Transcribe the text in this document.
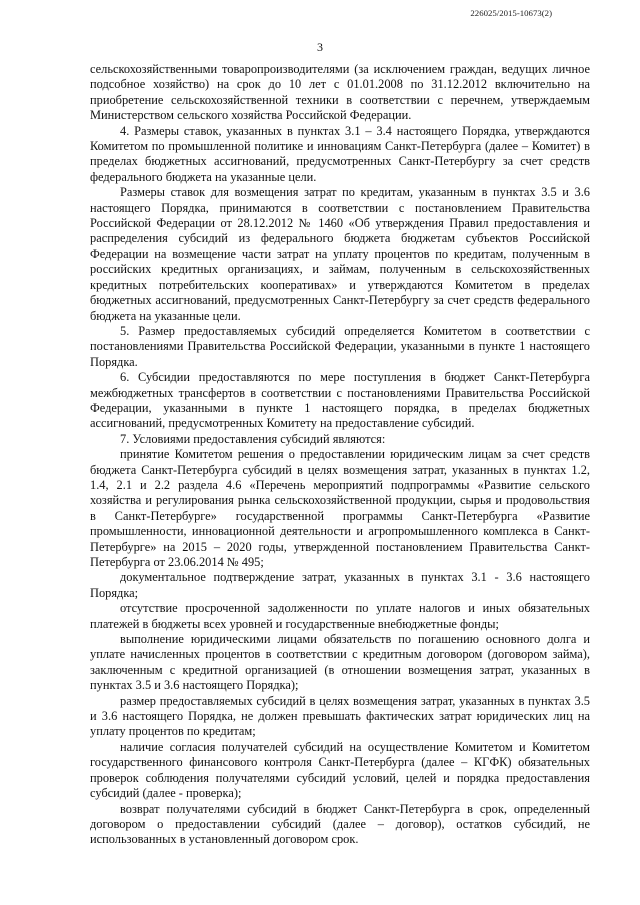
226025/2015-10673(2)
3

сельскохозяйственными товаропроизводителями (за исключением граждан, ведущих личное подсобное хозяйство) на срок до 10 лет с 01.01.2008 по 31.12.2012 включительно на приобретение сельскохозяйственной техники в соответствии с перечнем, утверждаемым Министерством сельского хозяйства Российской Федерации.

4. Размеры ставок, указанных в пунктах 3.1 – 3.4 настоящего Порядка, утверждаются Комитетом по промышленной политике и инновациям Санкт-Петербурга (далее – Комитет) в пределах бюджетных ассигнований, предусмотренных Санкт-Петербургу за счет средств федерального бюджета на указанные цели.

Размеры ставок для возмещения затрат по кредитам, указанным в пунктах 3.5 и 3.6 настоящего Порядка, принимаются в соответствии с постановлением Правительства Российской Федерации от 28.12.2012 № 1460 «Об утверждения Правил предоставления и распределения субсидий из федерального бюджета бюджетам субъектов Российской Федерации на возмещение части затрат на уплату процентов по кредитам, полученным в российских кредитных организациях, и займам, полученным в сельскохозяйственных кредитных потребительских кооперативах» и утверждаются Комитетом в пределах бюджетных ассигнований, предусмотренных Санкт-Петербургу за счет средств федерального бюджета на указанные цели.

5. Размер предоставляемых субсидий определяется Комитетом в соответствии с постановлениями Правительства Российской Федерации, указанными в пункте 1 настоящего Порядка.

6. Субсидии предоставляются по мере поступления в бюджет Санкт-Петербурга межбюджетных трансфертов в соответствии с постановлениями Правительства Российской Федерации, указанными в пункте 1 настоящего порядка, в пределах бюджетных ассигнований, предусмотренных Комитету на предоставление субсидий.

7. Условиями предоставления субсидий являются:

принятие Комитетом решения о предоставлении юридическим лицам за счет средств бюджета Санкт-Петербурга субсидий в целях возмещения затрат, указанных в пунктах 1.2, 1.4, 2.1 и 2.2 раздела 4.6 «Перечень мероприятий подпрограммы «Развитие сельского хозяйства и регулирования рынка сельскохозяйственной продукции, сырья и продовольствия в Санкт-Петербурге» государственной программы Санкт-Петербурга «Развитие промышленности, инновационной деятельности и агропромышленного комплекса в Санкт-Петербурге» на 2015 – 2020 годы, утвержденной постановлением Правительства Санкт-Петербурга от 23.06.2014 № 495;

документальное подтверждение затрат, указанных в пунктах 3.1 - 3.6 настоящего Порядка;

отсутствие просроченной задолженности по уплате налогов и иных обязательных платежей в бюджеты всех уровней и государственные внебюджетные фонды;

выполнение юридическими лицами обязательств по погашению основного долга и уплате начисленных процентов в соответствии с кредитным договором (договором займа), заключенным с кредитной организацией (в отношении возмещения затрат, указанных в пунктах 3.5 и 3.6 настоящего Порядка);

размер предоставляемых субсидий в целях возмещения затрат, указанных в пунктах 3.5 и 3.6 настоящего Порядка, не должен превышать фактических затрат юридических лиц на уплату процентов по кредитам;

наличие согласия получателей субсидий на осуществление Комитетом и Комитетом государственного финансового контроля Санкт-Петербурга (далее – КГФК) обязательных проверок соблюдения получателями субсидий условий, целей и порядка предоставления субсидий (далее - проверка);

возврат получателями субсидий в бюджет Санкт-Петербурга в срок, определенный договором о предоставлении субсидий (далее – договор), остатков субсидий, не использованных в установленный договором срок.
